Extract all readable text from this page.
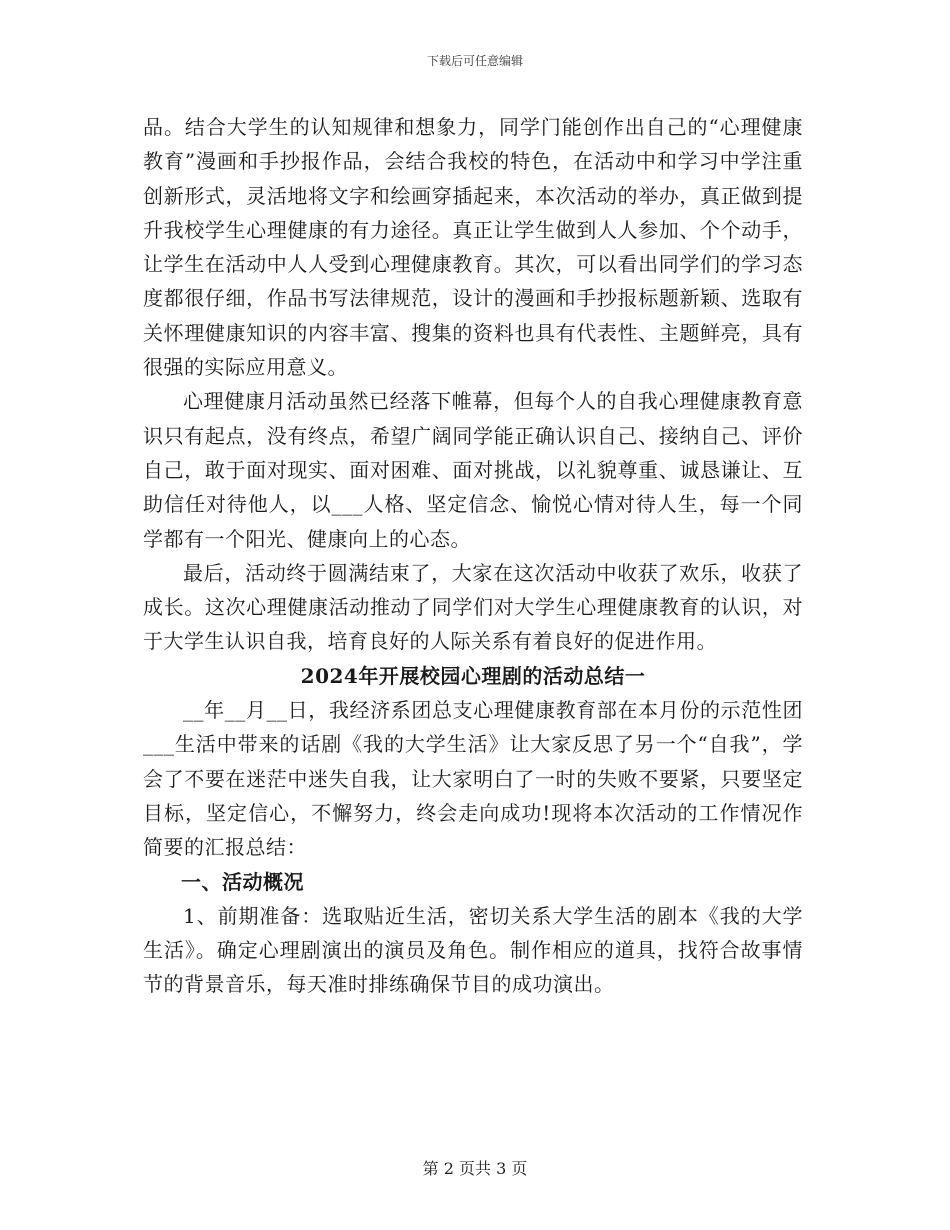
下载后可任意编辑

品。结合大学生的认知规律和想象力，同学门能创作出自己的“心理健康教育”漫画和手抄报作品，会结合我校的特色，在活动中和学习中学注重创新形式，灵活地将文字和绘画穿插起来，本次活动的举办，真正做到提升我校学生心理健康的有力途径。真正让学生做到人人参加、个个动手，让学生在活动中人人受到心理健康教育。其次，可以看出同学们的学习态度都很仔细，作品书写法律规范，设计的漫画和手抄报标题新颖、选取有关怀理健康知识的内容丰富、搜集的资料也具有代表性、主题鲜亮，具有很强的实际应用意义。

心理健康月活动虽然已经落下帷幕，但每个人的自我心理健康教育意识只有起点，没有终点，希望广阔同学能正确认识自己、接纳自己、评价自己，敢于面对现实、面对困难、面对挑战，以礼貌尊重、诚恳谦让、互助信任对待他人，以___人格、坚定信念、愉悦心情对待人生，每一个同学都有一个阳光、健康向上的心态。

最后，活动终于圆满结束了，大家在这次活动中收获了欢乐，收获了成长。这次心理健康活动推动了同学们对大学生心理健康教育的认识，对于大学生认识自我，培育良好的人际关系有着良好的促进作用。

2024年开展校园心理剧的活动总结一

__年__月__日，我经济系团总支心理健康教育部在本月份的示范性团___生活中带来的话剧《我的大学生活》让大家反思了另一个“自我”，学会了不要在迷茫中迷失自我，让大家明白了一时的失败不要紧，只要坚定目标，坚定信心，不懈努力，终会走向成功!现将本次活动的工作情况作简要的汇报总结：

一、活动概况

1、前期准备：选取贴近生活，密切关系大学生活的剧本《我的大学生活》。确定心理剧演出的演员及角色。制作相应的道具，找符合故事情节的背景音乐，每天准时排练确保节目的成功演出。

第 2 页共 3 页
